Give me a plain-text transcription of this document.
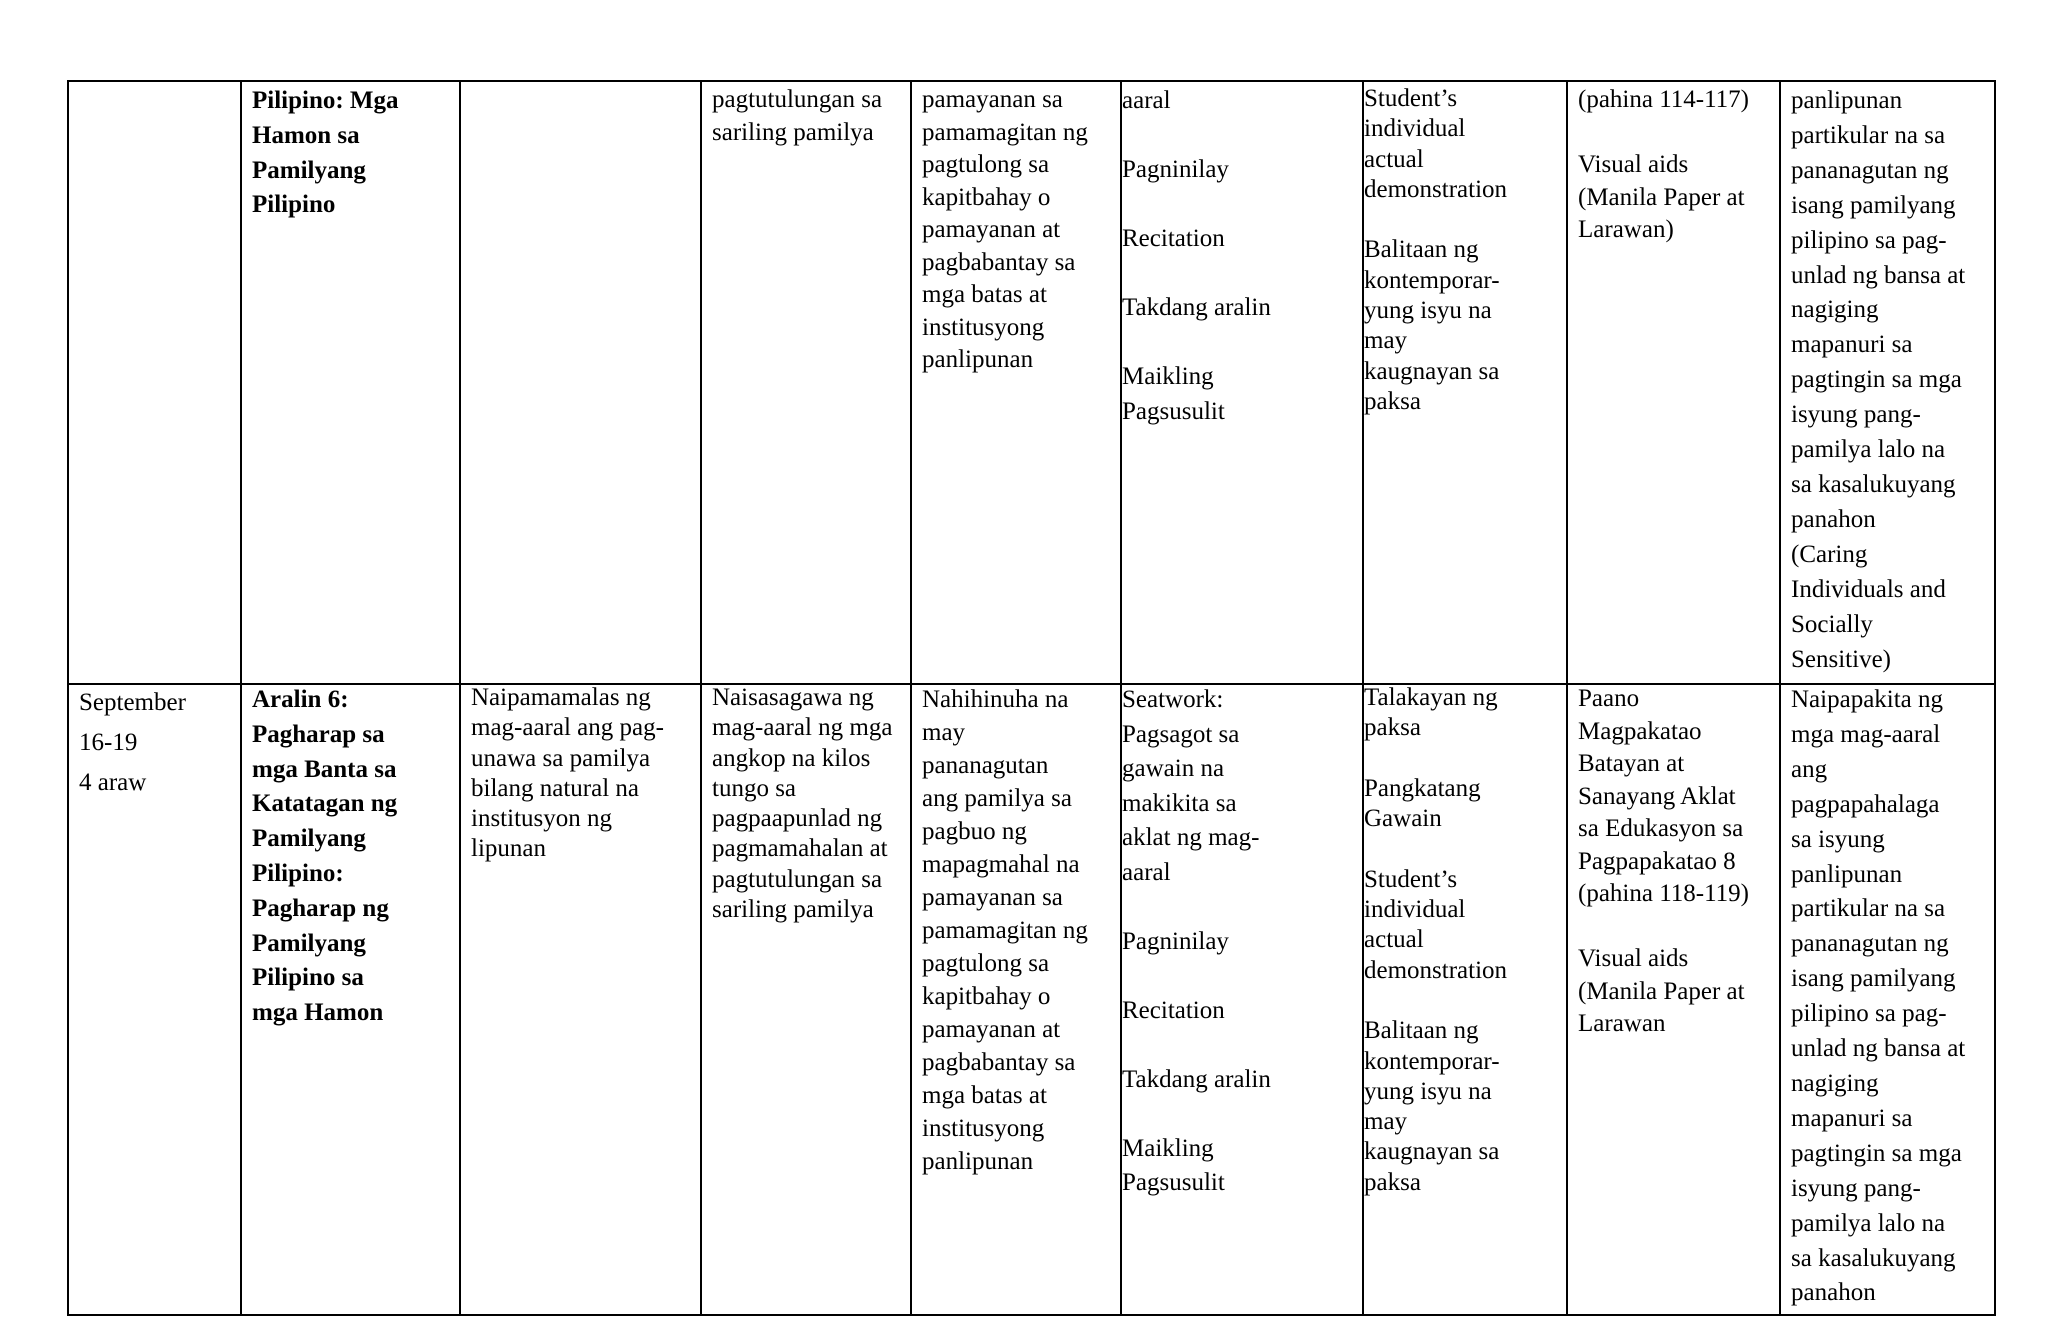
Pilipino: Mga
Hamon sa
Pamilyang
Pilipino
pagtutulungan sa
sariling pamilya
pamayanan sa
pamamagitan ng
pagtulong sa
kapitbahay o
pamayanan at
pagbabantay sa
mga batas at
institusyong
panlipunan
aaral

Pagninilay

Recitation

Takdang aralin

Maikling
Pagsusulit
Student’s
individual
actual
demonstration

Balitaan ng
kontemporar-
yung isyu na
may
kaugnayan sa
paksa
(pahina 114-117)

Visual aids
(Manila Paper at
Larawan)
panlipunan
partikular na sa
pananagutan ng
isang pamilyang
pilipino sa pag-
unlad ng bansa at
nagiging
mapanuri sa
pagtingin sa mga
isyung pang-
pamilya lalo na
sa kasalukuyang
panahon
(Caring
Individuals and
Socially
Sensitive)
September
16-19
4 araw
Aralin 6:
Pagharap sa
mga Banta sa
Katatagan ng
Pamilyang
Pilipino:
Pagharap ng
Pamilyang
Pilipino sa
mga Hamon
Naipamamalas ng
mag-aaral ang pag-
unawa sa pamilya
bilang natural na
institusyon ng
lipunan
Naisasagawa ng
mag-aaral ng mga
angkop na kilos
tungo sa
pagpaapunlad ng
pagmamahalan at
pagtutulungan sa
sariling pamilya
Nahihinuha na
may
pananagutan
ang pamilya sa
pagbuo ng
mapagmahal na
pamayanan sa
pamamagitan ng
pagtulong sa
kapitbahay o
pamayanan at
pagbabantay sa
mga batas at
institusyong
panlipunan
Seatwork:
Pagsagot sa
gawain na
makikita sa
aklat ng mag-
aaral

Pagninilay

Recitation

Takdang aralin

Maikling
Pagsusulit
Talakayan ng
paksa

Pangkatang
Gawain

Student’s
individual
actual
demonstration

Balitaan ng
kontemporar-
yung isyu na
may
kaugnayan sa
paksa
Paano
Magpakatao
Batayan at
Sanayang Aklat
sa Edukasyon sa
Pagpapakatao 8
(pahina 118-119)

Visual aids
(Manila Paper at
Larawan
Naipapakita ng
mga mag-aaral
ang
pagpapahalaga
sa isyung
panlipunan
partikular na sa
pananagutan ng
isang pamilyang
pilipino sa pag-
unlad ng bansa at
nagiging
mapanuri sa
pagtingin sa mga
isyung pang-
pamilya lalo na
sa kasalukuyang
panahon
